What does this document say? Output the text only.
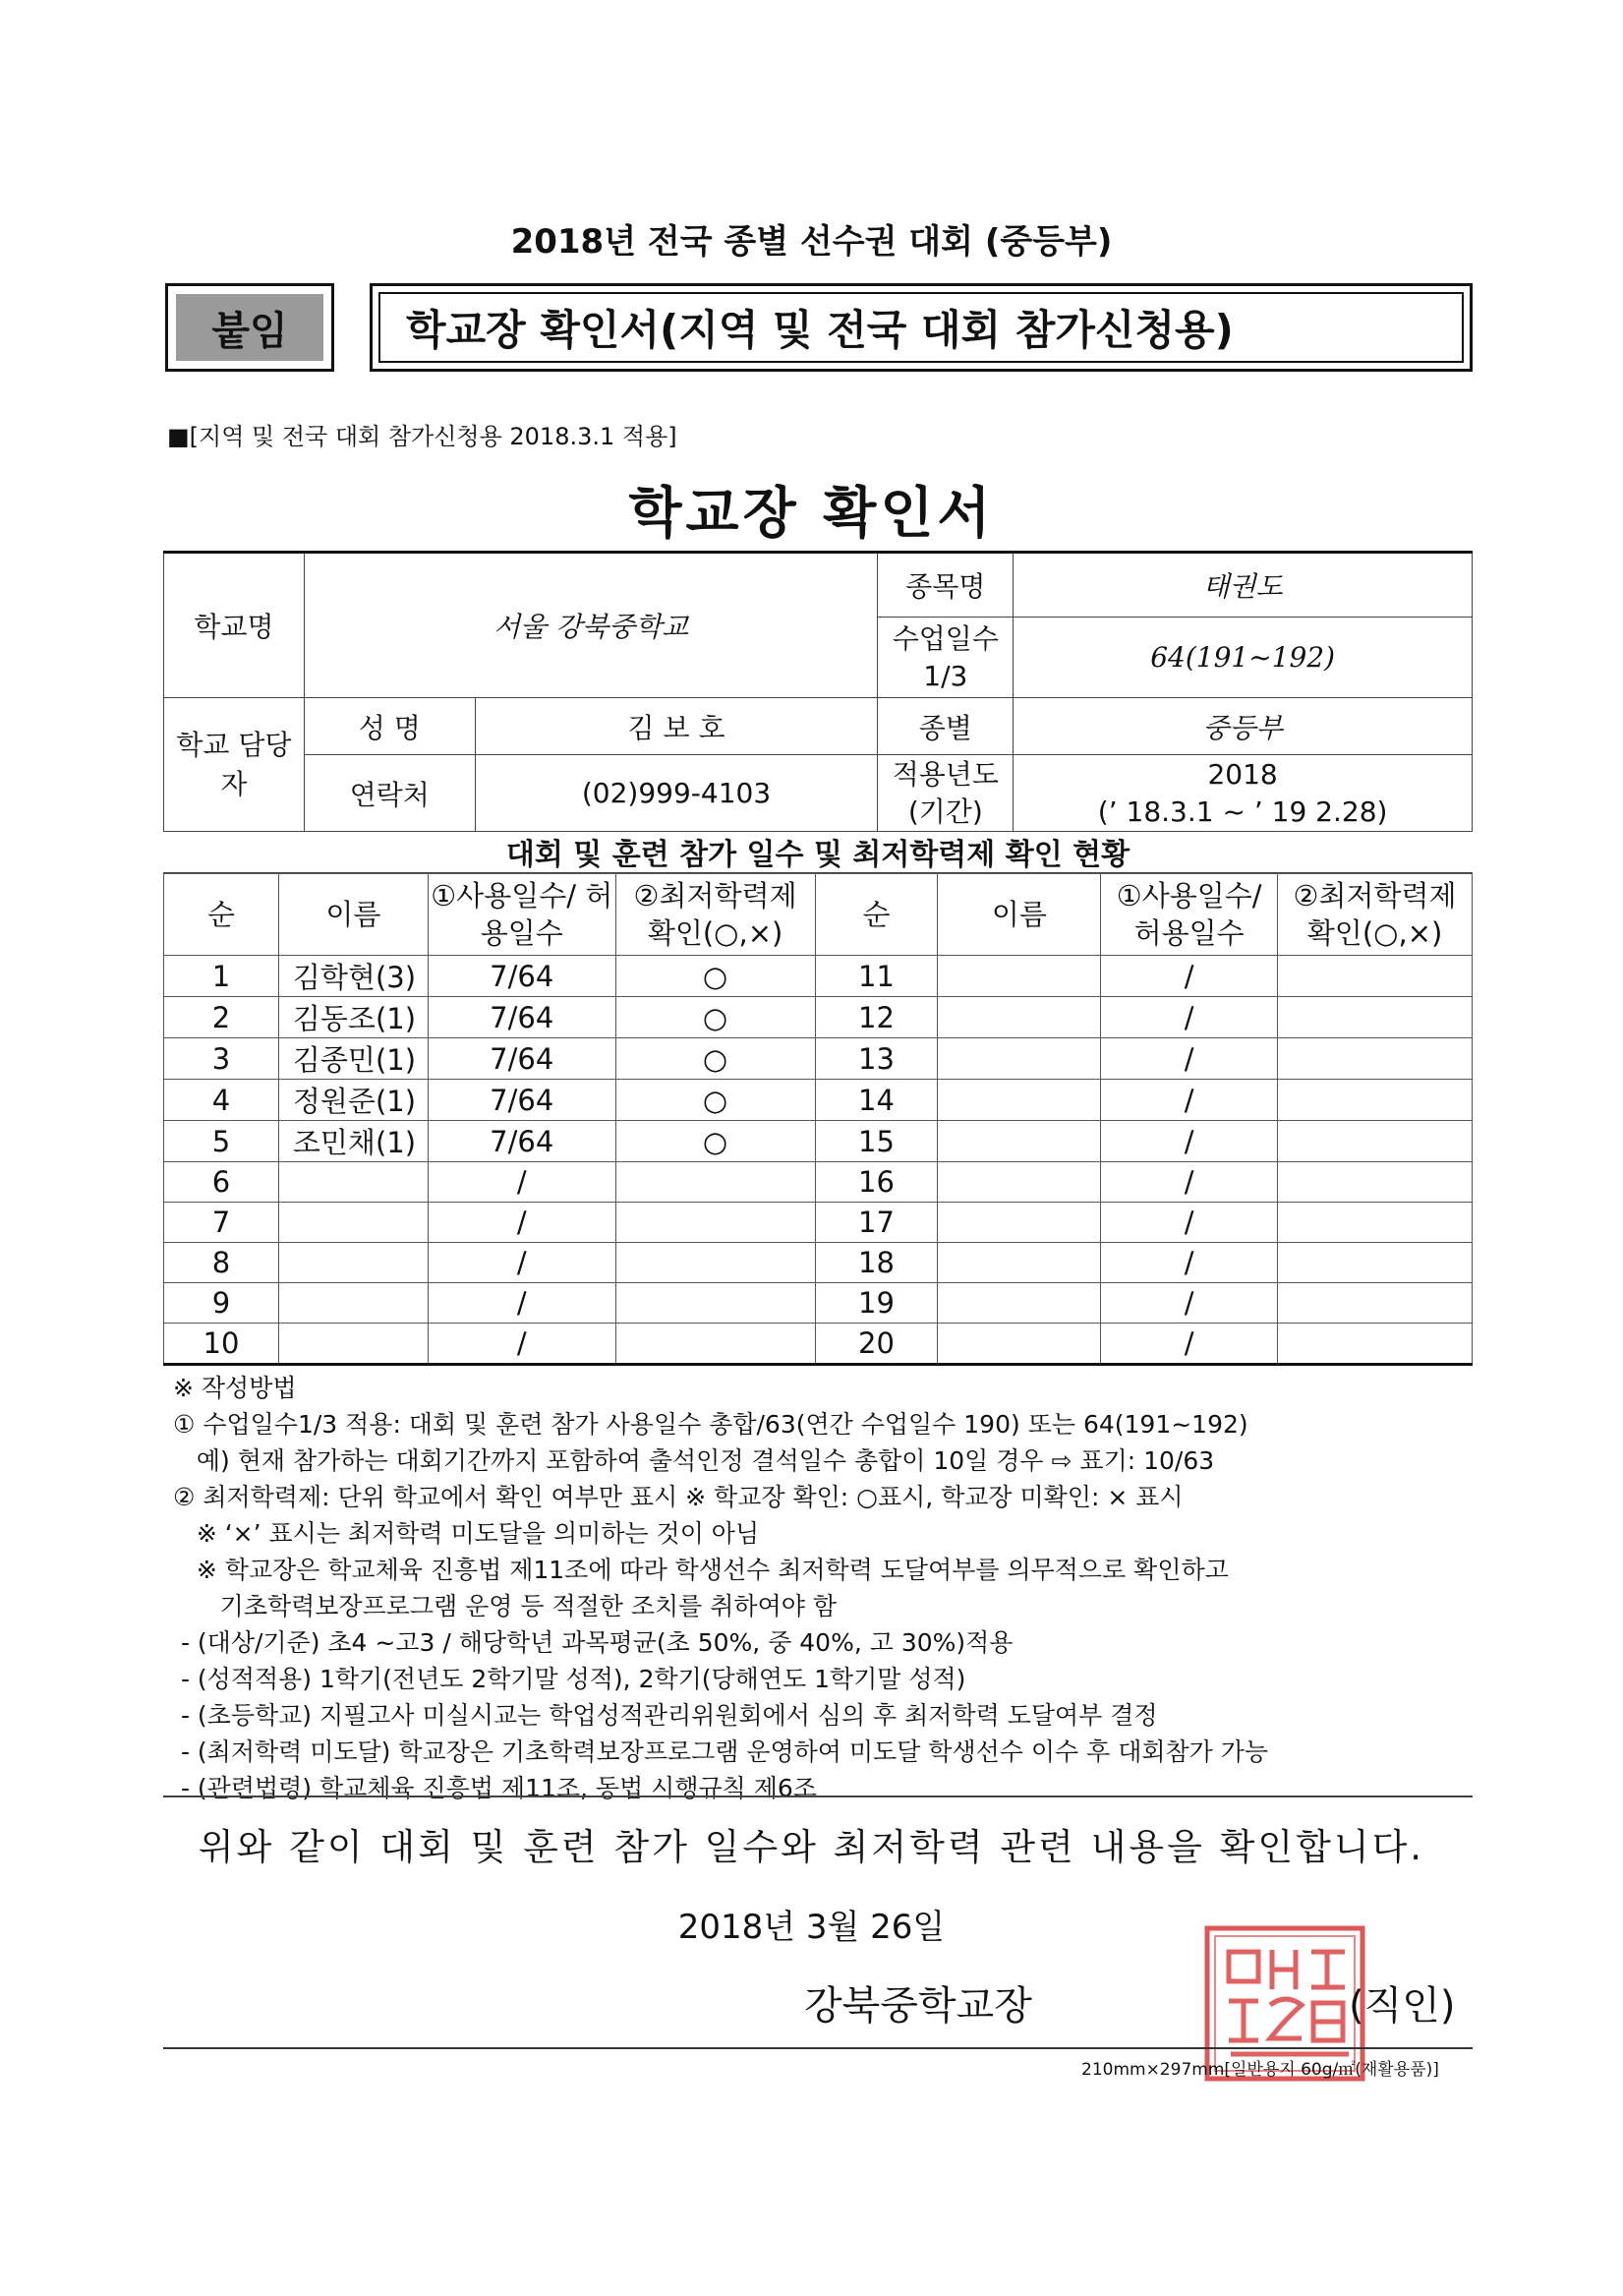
2018년 전국 종별 선수권 대회 (중등부)
붙임	학교장 확인서(지역 및 전국 대회 참가신청용)
■[지역 및 전국 대회 참가신청용 2018.3.1 적용]
학교장 확인서
학교명	서울 강북중학교		종목명	태권도
			수업일수 1/3	64(191~192)
학교 담당자	성 명	김 보 호	종별	중등부
	연락처	(02)999-4103	적용년도 (기간)	2018
(’ 18.3.1 ~ ’ 19 2.28)
대회 및 훈련 참가 일수 및 최저학력제 확인 현황
순	이름	①사용일수/ 허용일수	②최저학력제 확인(○,×)	순	이름	①사용일수/ 허용일수	②최저학력제 확인(○,×)
1	김학현(3)	7/64	○	11		/	
2	김동조(1)	7/64	○	12		/	
3	김종민(1)	7/64	○	13		/	
4	정원준(1)	7/64	○	14		/	
5	조민채(1)	7/64	○	15		/	
6		/		16		/	
7		/		17		/	
8		/		18		/	
9		/		19		/	
10		/		20		/	

※ 작성방법

① 수업일수1/3 적용: 대회 및 훈련 참가 사용일수 총합/63(연간 수업일수 190) 또는 64(191~192)

예) 현재 참가하는 대회기간까지 포함하여 출석인정 결석일수 총합이 10일 경우 ⇨ 표기: 10/63

② 최저학력제: 단위 학교에서 확인 여부만 표시 ※ 학교장 확인: ○표시, 학교장 미확인: × 표시

※ ‘×’ 표시는 최저학력 미도달을 의미하는 것이 아님

※ 학교장은 학교체육 진흥법 제11조에 따라 학생선수 최저학력 도달여부를 의무적으로 확인하고

기초학력보장프로그램 운영 등 적절한 조치를 취하여야 함

- (대상/기준) 초4 ~고3 / 해당학년 과목평균(초 50%, 중 40%, 고 30%)적용

- (성적적용) 1학기(전년도 2학기말 성적), 2학기(당해연도 1학기말 성적)

- (초등학교) 지필고사 미실시교는 학업성적관리위원회에서 심의 후 최저학력 도달여부 결정

- (최저학력 미도달) 학교장은 기초학력보장프로그램 운영하여 미도달 학생선수 이수 후 대회참가 가능

- (관련법령) 학교체육 진흥법 제11조, 동법 시행규칙 제6조

위와 같이 대회 및 훈련 참가 일수와 최저학력 관련 내용을 확인합니다.
2018년 3월 26일
강북중학교장	(직인)
210mm×297mm[일반용지 60g/㎡(재활용품)]
